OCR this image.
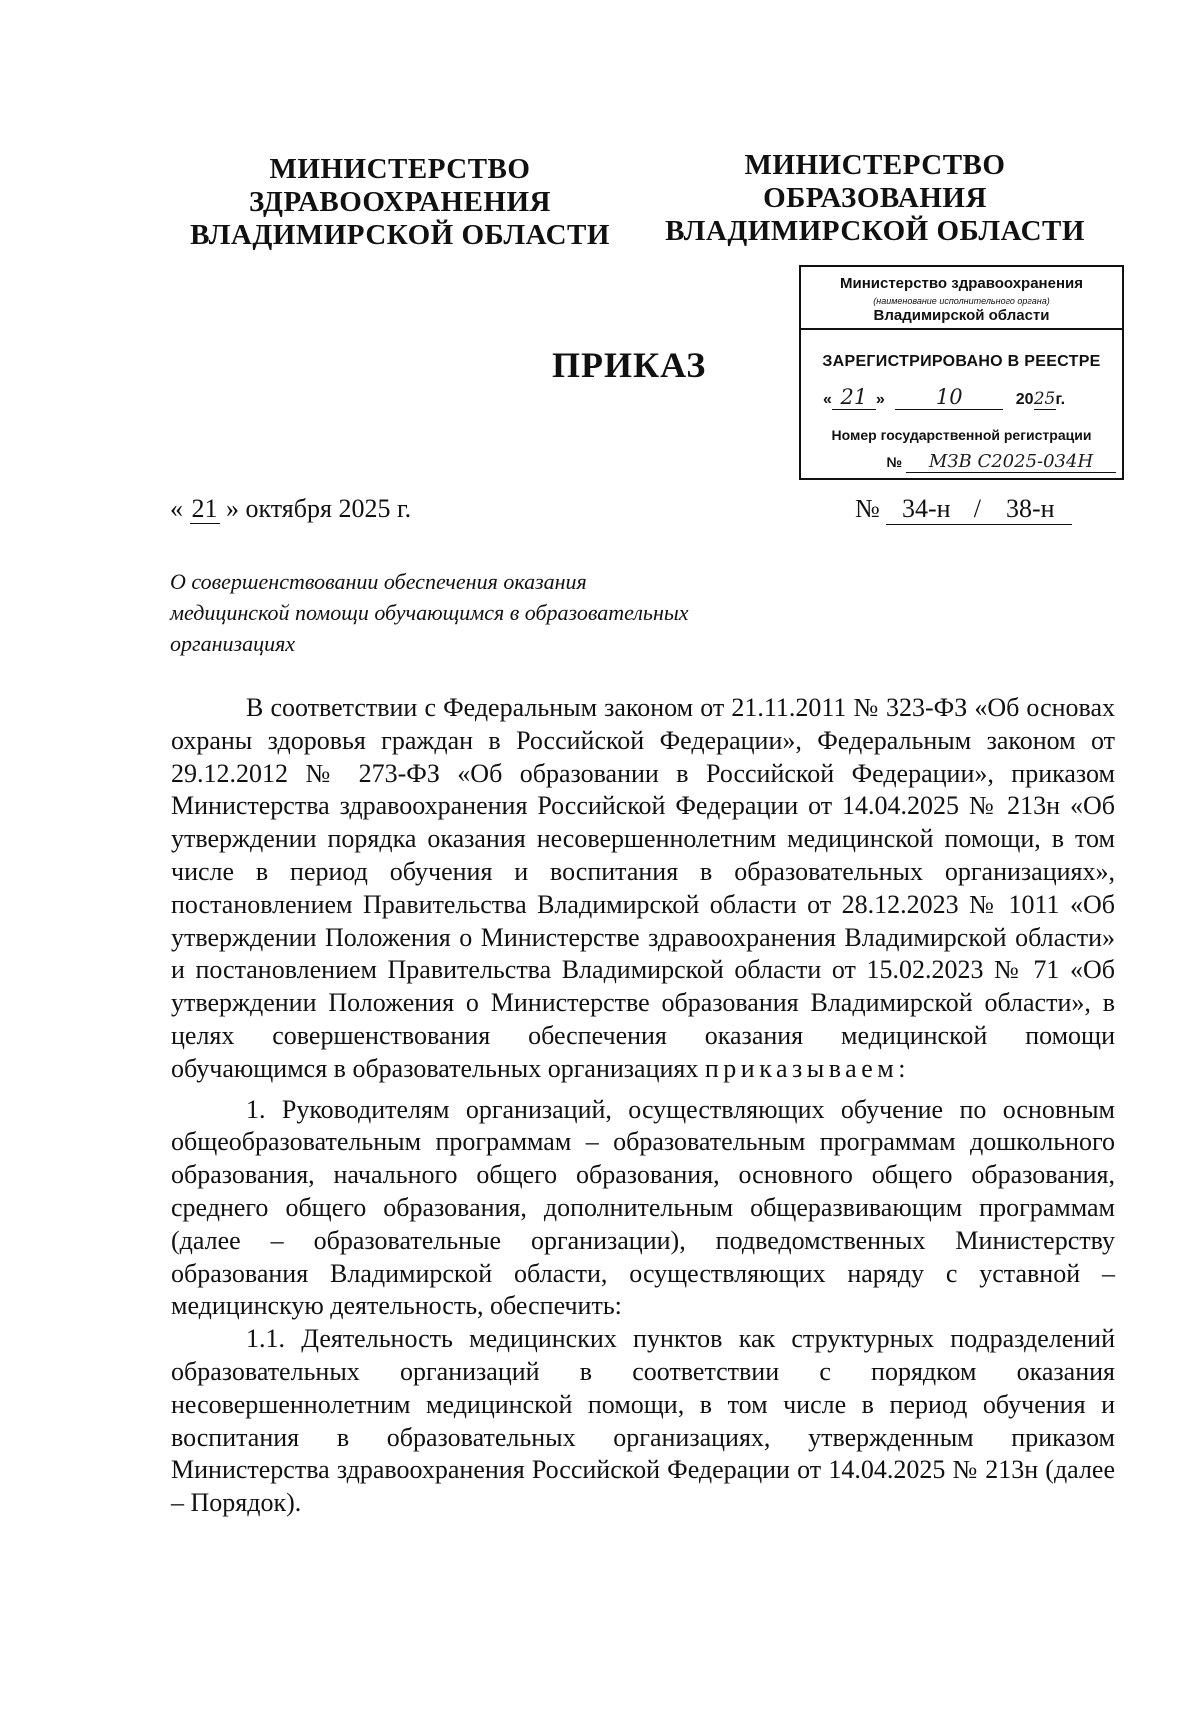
МИНИСТЕРСТВО ЗДРАВООХРАНЕНИЯ ВЛАДИМИРСКОЙ ОБЛАСТИ
МИНИСТЕРСТВО ОБРАЗОВАНИЯ ВЛАДИМИРСКОЙ ОБЛАСТИ
ПРИКАЗ
Министерство здравоохранения
(наименование исполнительного органа)
Владимирской области
ЗАРЕГИСТРИРОВАНО В РЕЕСТРЕ
« 21 » 10	2025г.
Номер государственной регистрации
№ МЗВ С2025-034Н
« 21 » октября 2025 г.	№ 34-н / 38-н
О совершенствовании обеспечения оказания медицинской помощи обучающимся в образовательных организациях

В соответствии с Федеральным законом от 21.11.2011 № 323-ФЗ «Об основах охраны здоровья граждан в Российской Федерации», Федеральным законом от 29.12.2012 № 273-ФЗ «Об образовании в Российской Федерации», приказом Министерства здравоохранения Российской Федерации от 14.04.2025 № 213н «Об утверждении порядка оказания несовершеннолетним медицинской помощи, в том числе в период обучения и воспитания в образовательных организациях», постановлением Правительства Владимирской области от 28.12.2023 № 1011 «Об утверждении Положения о Министерстве здравоохранения Владимирской области» и постановлением Правительства Владимирской области от 15.02.2023 № 71 «Об утверждении Положения о Министерстве образования Владимирской области», в целях совершенствования обеспечения оказания медицинской помощи обучающимся в образовательных организациях приказываем:

1. Руководителям организаций, осуществляющих обучение по основным общеобразовательным программам – образовательным программам дошкольного образования, начального общего образования, основного общего образования, среднего общего образования, дополнительным общеразвивающим программам (далее – образовательные организации), подведомственных Министерству образования Владимирской области, осуществляющих наряду с уставной – медицинскую деятельность, обеспечить:

1.1. Деятельность медицинских пунктов как структурных подразделений образовательных организаций в соответствии с порядком оказания несовершеннолетним медицинской помощи, в том числе в период обучения и воспитания в образовательных организациях, утвержденным приказом Министерства здравоохранения Российской Федерации от 14.04.2025 № 213н (далее – Порядок).
